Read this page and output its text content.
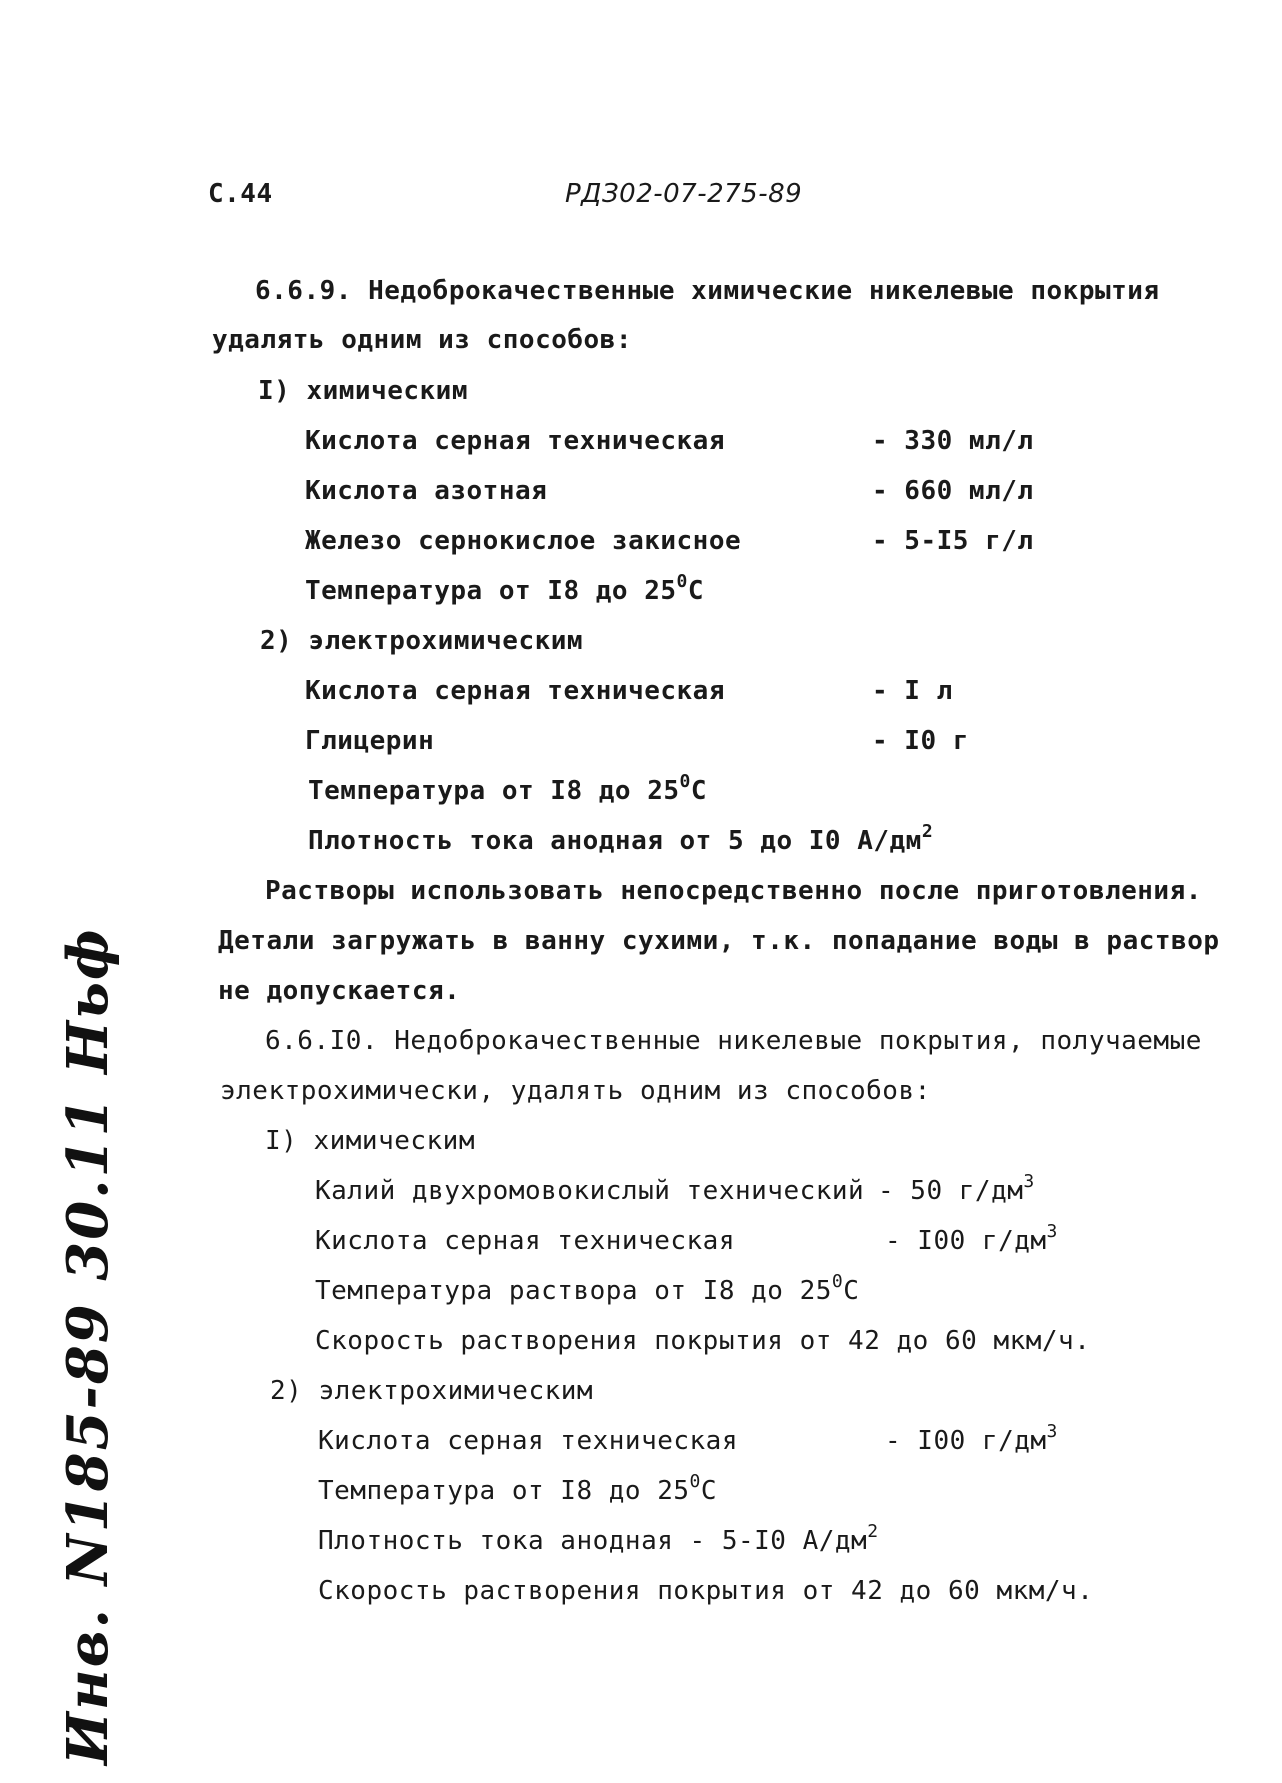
С.44	РДЗ02-07-275-89
6.6.9. Недоброкачественные химические никелевые покрытия
удалять одним из способов:
I) химическим
Кислота серная техническая	- 330 мл/л
Кислота азотная	- 660 мл/л
Железо сернокислое закисное	- 5-I5 г/л
Температура от I8 до $25^0C$
2) электрохимическим
Кислота серная техническая	- I л
Глицерин	- I0 г
Температура от I8 до $25^0C$
Плотность тока анодная от 5 до I0 $А/дм^2$
Растворы использовать непосредственно после приготовления.
Детали загружать в ванну сухими, т.к. попадание воды в раствор
не допускается.
6.6.I0. Недоброкачественные никелевые покрытия, получаемые
электрохимически, удалять одним из способов:
I) химическим
Калий двухромовокислый технический - 50 $г/дм^3$
Кислота серная техническая	- I00 $г/дм^3$
Температура раствора от I8 до $25^0C$
Скорость растворения покрытия от 42 до 60 мкм/ч.
2) электрохимическим
Кислота серная техническая	- I00 $г/дм^3$
Температура от I8 до $25^0C$
Плотность тока анодная - 5-I0 $А/дм^2$
Скорость растворения покрытия от 42 до 60 мкм/ч.
Инв. N185-89 30.11 Ньф
